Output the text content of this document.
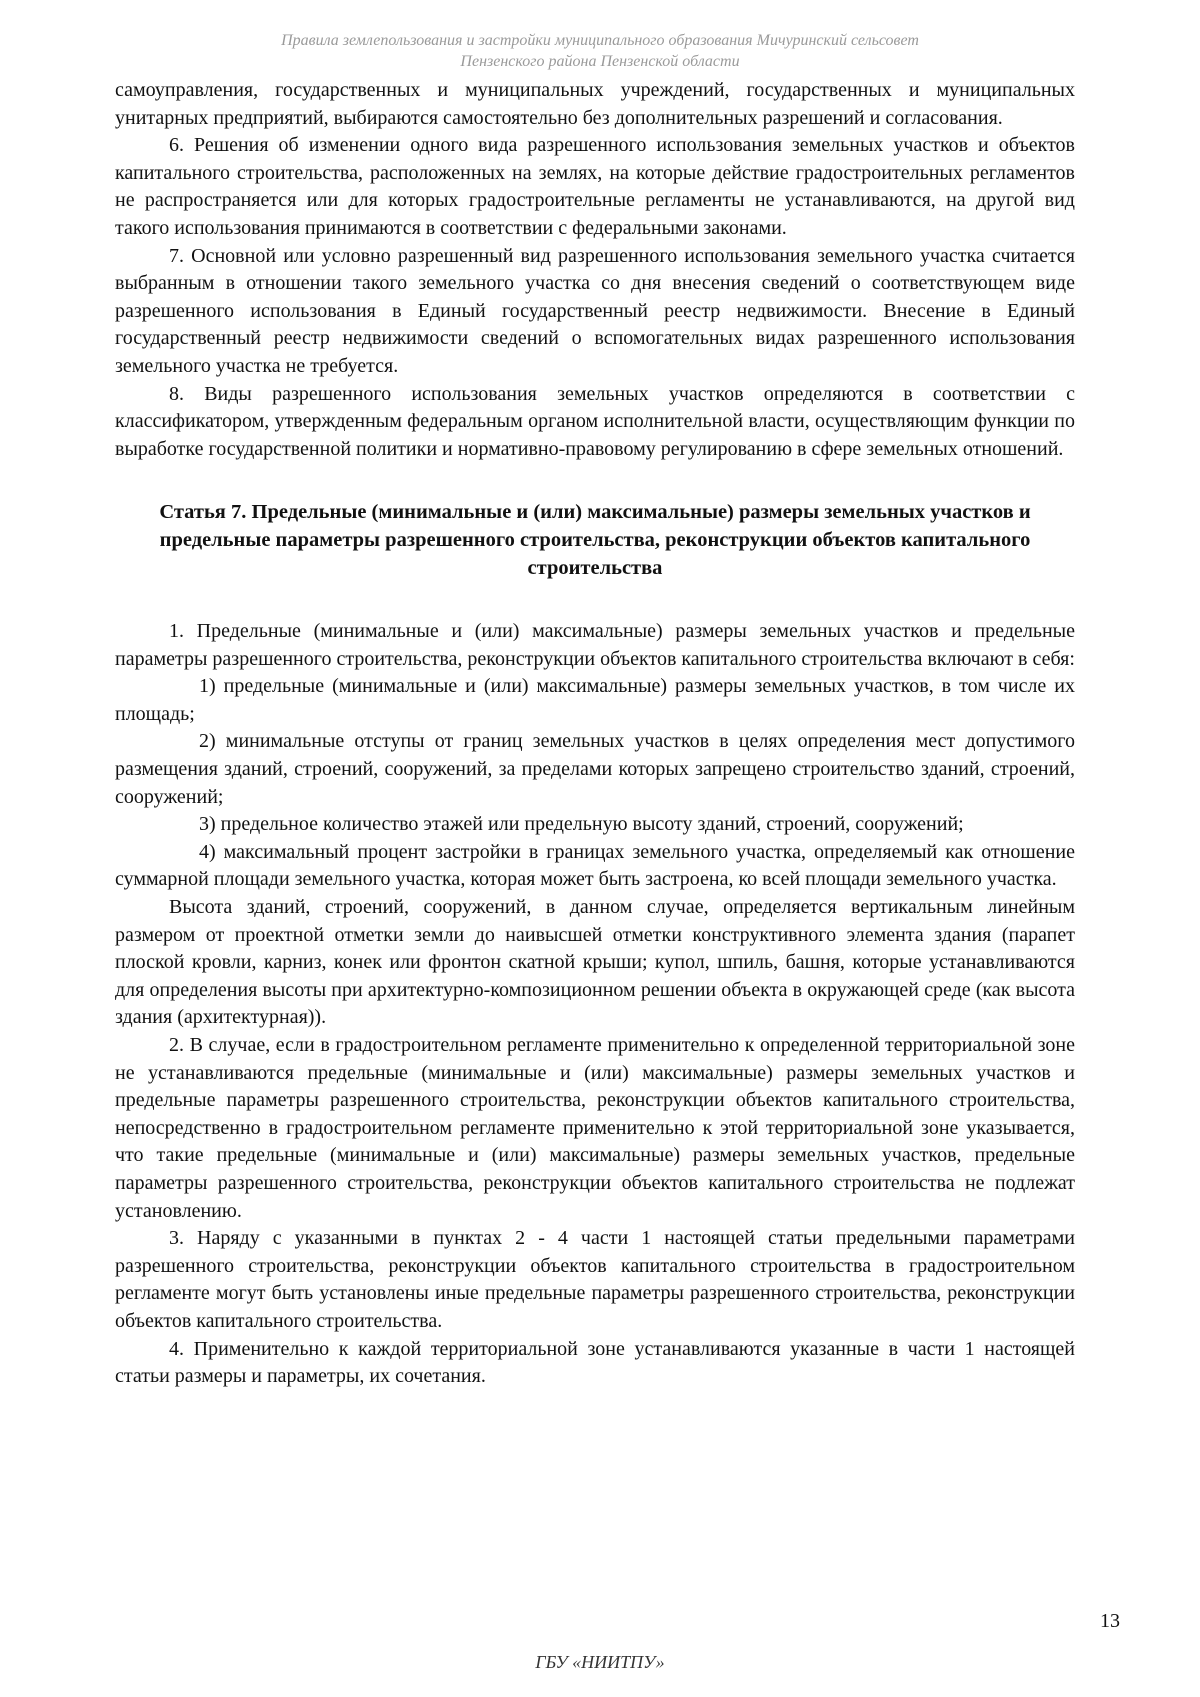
Правила землепользования и застройки муниципального образования Мичуринский сельсовет
Пензенского района Пензенской области

самоуправления, государственных и муниципальных учреждений, государственных и муниципальных унитарных предприятий, выбираются самостоятельно без дополнительных разрешений и согласования.

6. Решения об изменении одного вида разрешенного использования земельных участков и объектов капитального строительства, расположенных на землях, на которые действие градостроительных регламентов не распространяется или для которых градостроительные регламенты не устанавливаются, на другой вид такого использования принимаются в соответствии с федеральными законами.

7. Основной или условно разрешенный вид разрешенного использования земельного участка считается выбранным в отношении такого земельного участка со дня внесения сведений о соответствующем виде разрешенного использования в Единый государственный реестр недвижимости. Внесение в Единый государственный реестр недвижимости сведений о вспомогательных видах разрешенного использования земельного участка не требуется.

8. Виды разрешенного использования земельных участков определяются в соответствии с классификатором, утвержденным федеральным органом исполнительной власти, осуществляющим функции по выработке государственной политики и нормативно-правовому регулированию в сфере земельных отношений.

Статья 7. Предельные (минимальные и (или) максимальные) размеры земельных участков и предельные параметры разрешенного строительства, реконструкции объектов капитального строительства

1. Предельные (минимальные и (или) максимальные) размеры земельных участков и предельные параметры разрешенного строительства, реконструкции объектов капитального строительства включают в себя:

1) предельные (минимальные и (или) максимальные) размеры земельных участков, в том числе их площадь;

2) минимальные отступы от границ земельных участков в целях определения мест допустимого размещения зданий, строений, сооружений, за пределами которых запрещено строительство зданий, строений, сооружений;

3) предельное количество этажей или предельную высоту зданий, строений, сооружений;

4) максимальный процент застройки в границах земельного участка, определяемый как отношение суммарной площади земельного участка, которая может быть застроена, ко всей площади земельного участка.

Высота зданий, строений, сооружений, в данном случае, определяется вертикальным линейным размером от проектной отметки земли до наивысшей отметки конструктивного элемента здания (парапет плоской кровли, карниз, конек или фронтон скатной крыши; купол, шпиль, башня, которые устанавливаются для определения высоты при архитектурно-композиционном решении объекта в окружающей среде (как высота здания (архитектурная)).

2. В случае, если в градостроительном регламенте применительно к определенной территориальной зоне не устанавливаются предельные (минимальные и (или) максимальные) размеры земельных участков и предельные параметры разрешенного строительства, реконструкции объектов капитального строительства, непосредственно в градостроительном регламенте применительно к этой территориальной зоне указывается, что такие предельные (минимальные и (или) максимальные) размеры земельных участков, предельные параметры разрешенного строительства, реконструкции объектов капитального строительства не подлежат установлению.

3. Наряду с указанными в пунктах 2 - 4 части 1 настоящей статьи предельными параметрами разрешенного строительства, реконструкции объектов капитального строительства в градостроительном регламенте могут быть установлены иные предельные параметры разрешенного строительства, реконструкции объектов капитального строительства.

4. Применительно к каждой территориальной зоне устанавливаются указанные в части 1 настоящей статьи размеры и параметры, их сочетания.

13
ГБУ «НИИТПУ»
